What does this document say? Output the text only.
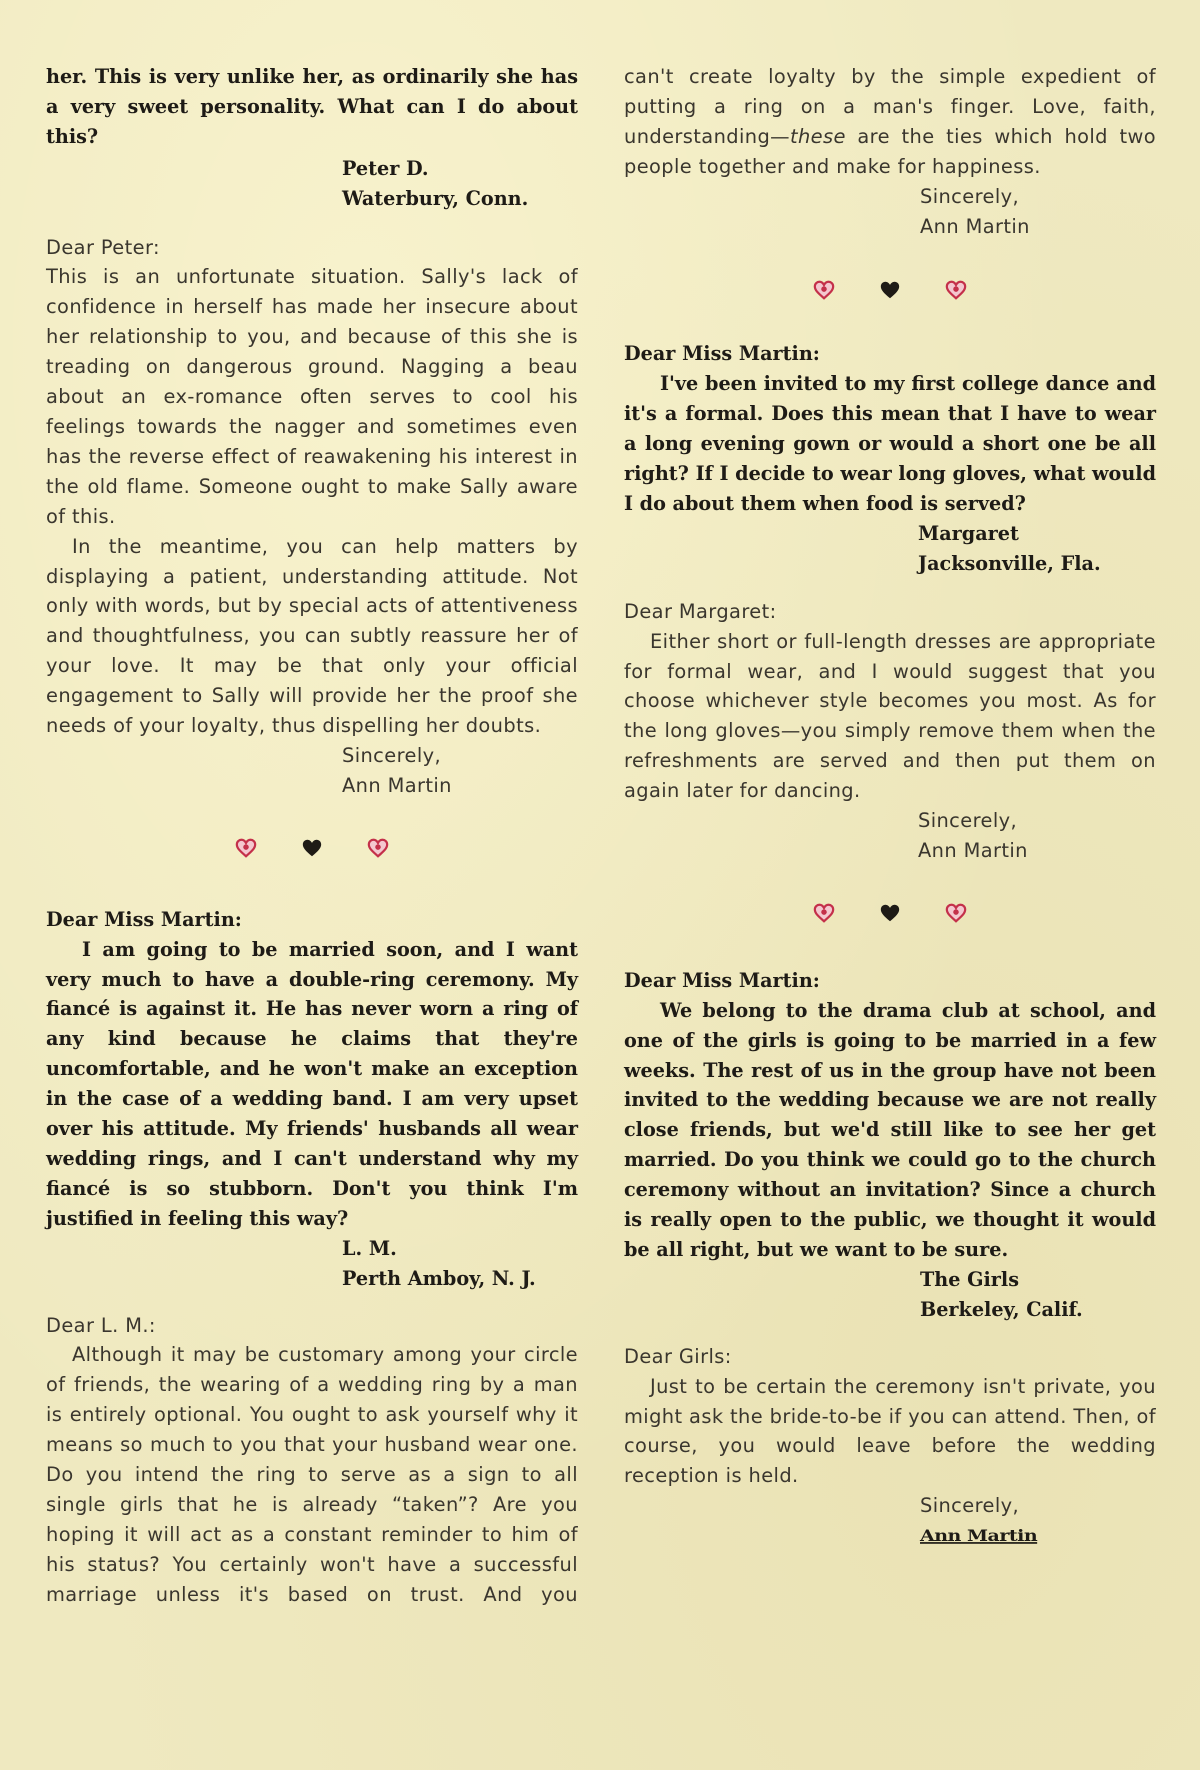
her. This is very unlike her, as ordinarily she has a very sweet personality. What can I do about this?

Peter D.
Waterbury, Conn.
Dear Peter:

This is an unfortunate situation. Sally's lack of confidence in herself has made her insecure about her relationship to you, and because of this she is treading on dangerous ground. Nagging a beau about an ex-romance often serves to cool his feelings towards the nagger and sometimes even has the reverse effect of reawakening his interest in the old flame. Someone ought to make Sally aware of this.

In the meantime, you can help matters by displaying a patient, understanding attitude. Not only with words, but by special acts of attentiveness and thoughtfulness, you can subtly reassure her of your love. It may be that only your official engagement to Sally will provide her the proof she needs of your loyalty, thus dispelling her doubts.

Sincerely,
Ann Martin
Dear Miss Martin:

I am going to be married soon, and I want very much to have a double-ring ceremony. My fiancé is against it. He has never worn a ring of any kind because he claims that they're uncomfortable, and he won't make an exception in the case of a wedding band. I am very upset over his attitude. My friends' husbands all wear wedding rings, and I can't understand why my fiancé is so stubborn. Don't you think I'm justified in feeling this way?

L. M.
Perth Amboy, N. J.
Dear L. M.:

Although it may be customary among your circle of friends, the wearing of a wedding ring by a man is entirely optional. You ought to ask yourself why it means so much to you that your husband wear one. Do you intend the ring to serve as a sign to all single girls that he is already “taken”? Are you hoping it will act as a constant reminder to him of his status? You certainly won't have a successful marriage unless it's based on trust. And you

can't create loyalty by the simple expedient of putting a ring on a man's finger. Love, faith, understanding—these are the ties which hold two people together and make for happiness.

Sincerely,
Ann Martin
Dear Miss Martin:

I've been invited to my first college dance and it's a formal. Does this mean that I have to wear a long evening gown or would a short one be all right? If I decide to wear long gloves, what would I do about them when food is served?

Margaret
Jacksonville, Fla.
Dear Margaret:

Either short or full-length dresses are appropriate for formal wear, and I would suggest that you choose whichever style becomes you most. As for the long gloves—you simply remove them when the refreshments are served and then put them on again later for dancing.

Sincerely,
Ann Martin
Dear Miss Martin:

We belong to the drama club at school, and one of the girls is going to be married in a few weeks. The rest of us in the group have not been invited to the wedding because we are not really close friends, but we'd still like to see her get married. Do you think we could go to the church ceremony without an invitation? Since a church is really open to the public, we thought it would be all right, but we want to be sure.

The Girls
Berkeley, Calif.
Dear Girls:

Just to be certain the ceremony isn't private, you might ask the bride-to-be if you can attend. Then, of course, you would leave before the wedding reception is held.

Sincerely,
Ann Martin
